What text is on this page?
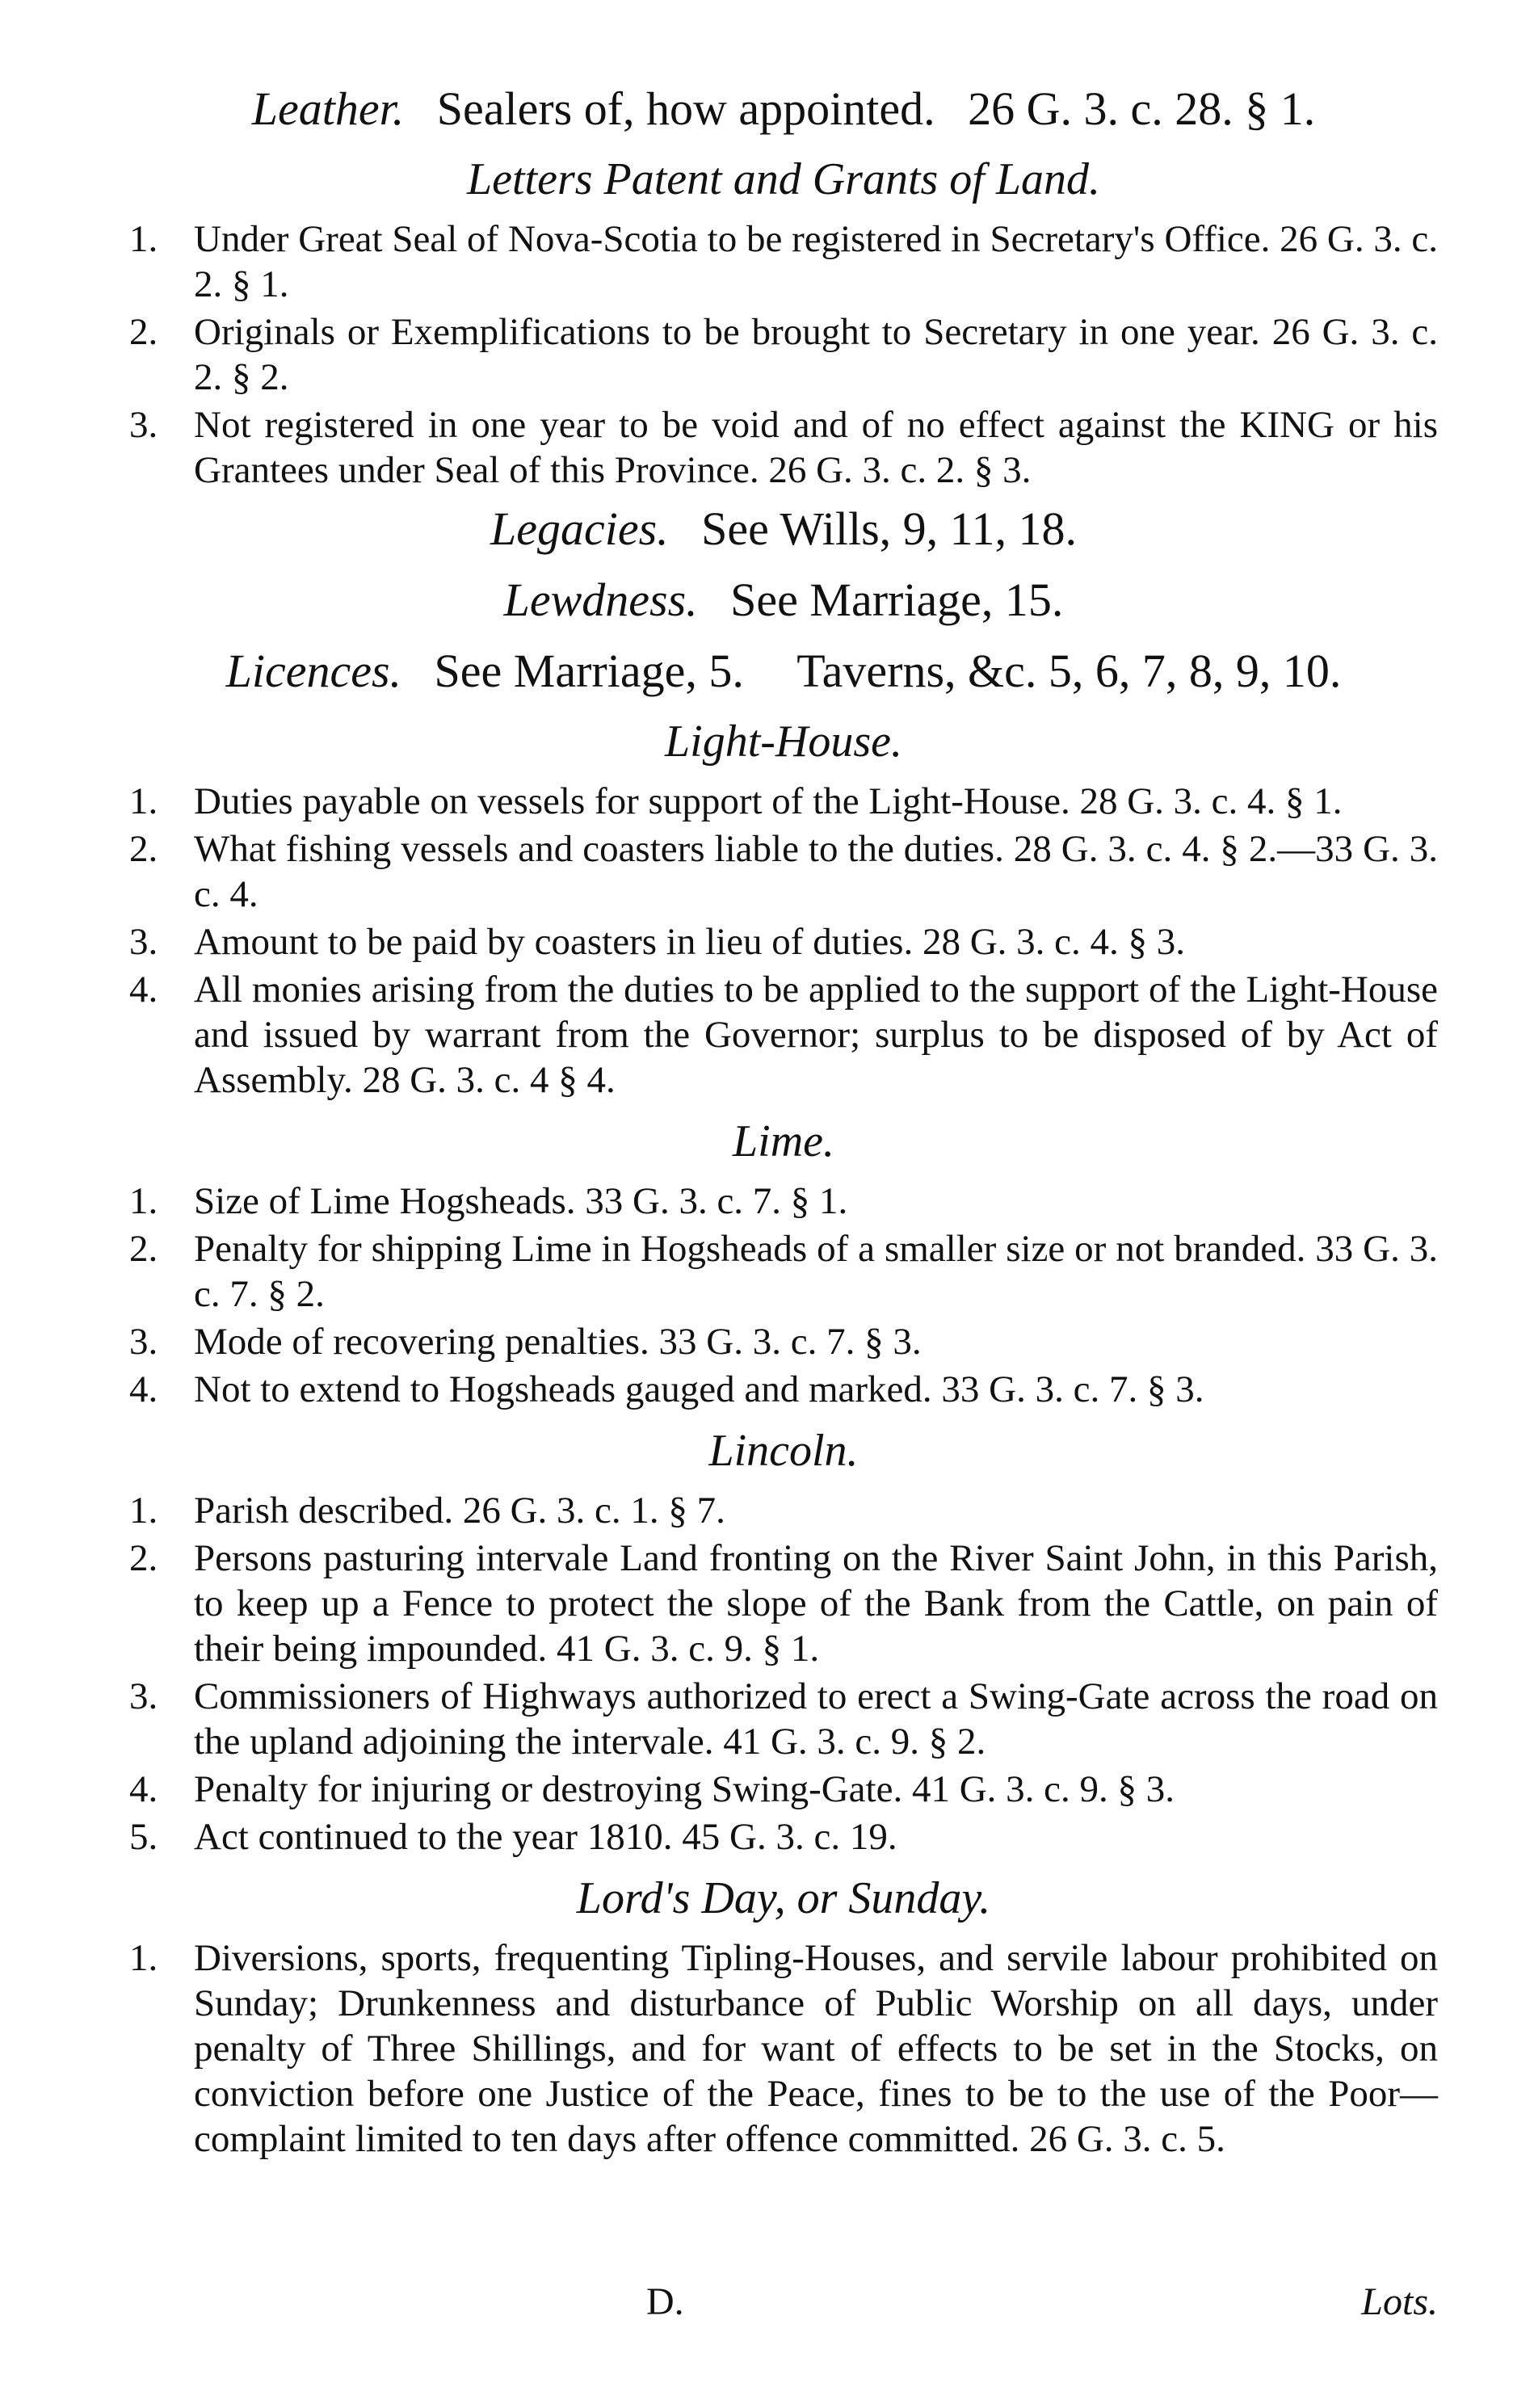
Leather. Sealers of, how appointed. 26 G. 3. c. 28. § 1.
Letters Patent and Grants of Land.
1. Under Great Seal of Nova-Scotia to be registered in Secretary's Office. 26 G. 3. c. 2. § 1.
2. Originals or Exemplifications to be brought to Secretary in one year. 26 G. 3. c. 2. § 2.
3. Not registered in one year to be void and of no effect against the KING or his Grantees under Seal of this Province. 26 G. 3. c. 2. § 3.
Legacies. See Wills, 9, 11, 18.
Lewdness. See Marriage, 15.
Licences. See Marriage, 5. Taverns, &c. 5, 6, 7, 8, 9, 10.
Light-House.
1. Duties payable on vessels for support of the Light-House. 28 G. 3. c. 4. § 1.
2. What fishing vessels and coasters liable to the duties. 28 G. 3. c. 4. § 2.—33 G. 3. c. 4.
3. Amount to be paid by coasters in lieu of duties. 28 G. 3. c. 4. § 3.
4. All monies arising from the duties to be applied to the support of the Light-House and issued by warrant from the Governor; surplus to be disposed of by Act of Assembly. 28 G. 3. c. 4 § 4.
Lime.
1. Size of Lime Hogsheads. 33 G. 3. c. 7. § 1.
2. Penalty for shipping Lime in Hogsheads of a smaller size or not branded. 33 G. 3. c. 7. § 2.
3. Mode of recovering penalties. 33 G. 3. c. 7. § 3.
4. Not to extend to Hogsheads gauged and marked. 33 G. 3. c. 7. § 3.
Lincoln.
1. Parish described. 26 G. 3. c. 1. § 7.
2. Persons pasturing intervale Land fronting on the River Saint John, in this Parish, to keep up a Fence to protect the slope of the Bank from the Cattle, on pain of their being impounded. 41 G. 3. c. 9. § 1.
3. Commissioners of Highways authorized to erect a Swing-Gate across the road on the upland adjoining the intervale. 41 G. 3. c. 9. § 2.
4. Penalty for injuring or destroying Swing-Gate. 41 G. 3. c. 9. § 3.
5. Act continued to the year 1810. 45 G. 3. c. 19.
Lord's Day, or Sunday.
1. Diversions, sports, frequenting Tipling-Houses, and servile labour prohibited on Sunday; Drunkenness and disturbance of Public Worship on all days, under penalty of Three Shillings, and for want of effects to be set in the Stocks, on conviction before one Justice of the Peace, fines to be to the use of the Poor—complaint limited to ten days after offence committed. 26 G. 3. c. 5.
D.	Lots.
